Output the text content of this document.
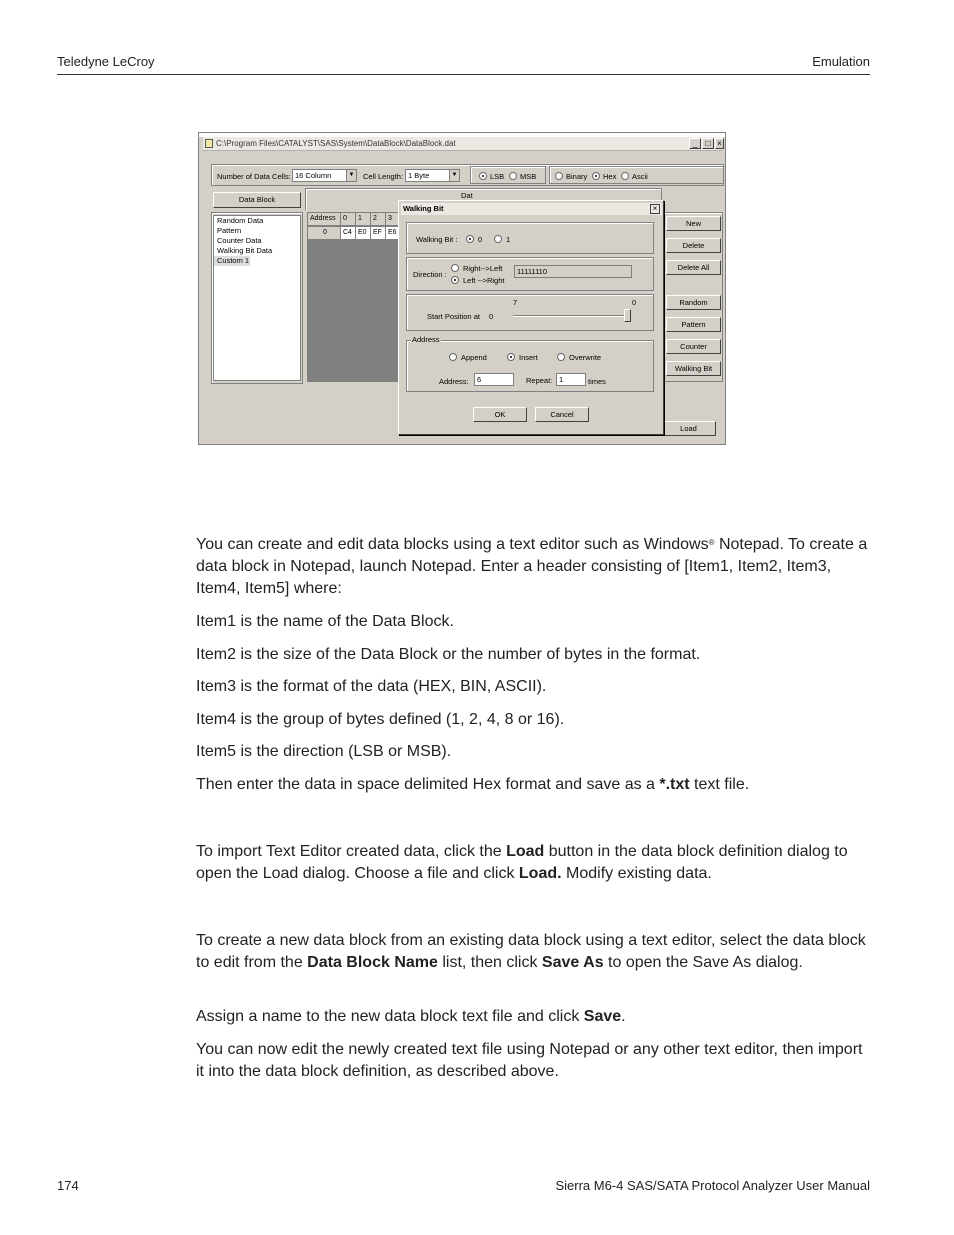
Teledyne LeCroy	Emulation
C:\Program Files\CATALYST\SAS\System\DataBlock\DataBlock.dat	_	□ ×
Number of Data Cells: 16 Column	▼ Cell Length: 1 Byte	▼	LSB MSB	Binary Hex Ascii
Data Block
Random Data
Pattern
Counter Data
Walking Bit Data
Custom 1
Dat
Address	0	1	2	3
0	C4 E0 EF E6
New
Delete
Delete All
Random
Pattern
Counter
Walking Bit
Load
Walking Bit	×
Walking Bit :	0	1
Direction :
Right-->Left
Left -->Right
11111110
7	0
Start Position at 0
Address
Append	Insert	Overwrite
Address:	6	Repeat: 1	times
OK	Cancel

You can create and edit data blocks using a text editor such as Windows® Notepad. To create a data block in Notepad, launch Notepad. Enter a header consisting of [Item1, Item2, Item3, Item4, Item5] where:

Item1 is the name of the Data Block.

Item2 is the size of the Data Block or the number of bytes in the format.

Item3 is the format of the data (HEX, BIN, ASCII).

Item4 is the group of bytes defined (1, 2, 4, 8 or 16).

Item5 is the direction (LSB or MSB).

Then enter the data in space delimited Hex format and save as a *.txt text file.

To import Text Editor created data, click the Load button in the data block definition dialog to open the Load dialog. Choose a file and click Load. Modify existing data.

To create a new data block from an existing data block using a text editor, select the data block to edit from the Data Block Name list, then click Save As to open the Save As dialog.

Assign a name to the new data block text file and click Save.

You can now edit the newly created text file using Notepad or any other text editor, then import it into the data block definition, as described above.

174	Sierra M6-4 SAS/SATA Protocol Analyzer User Manual
